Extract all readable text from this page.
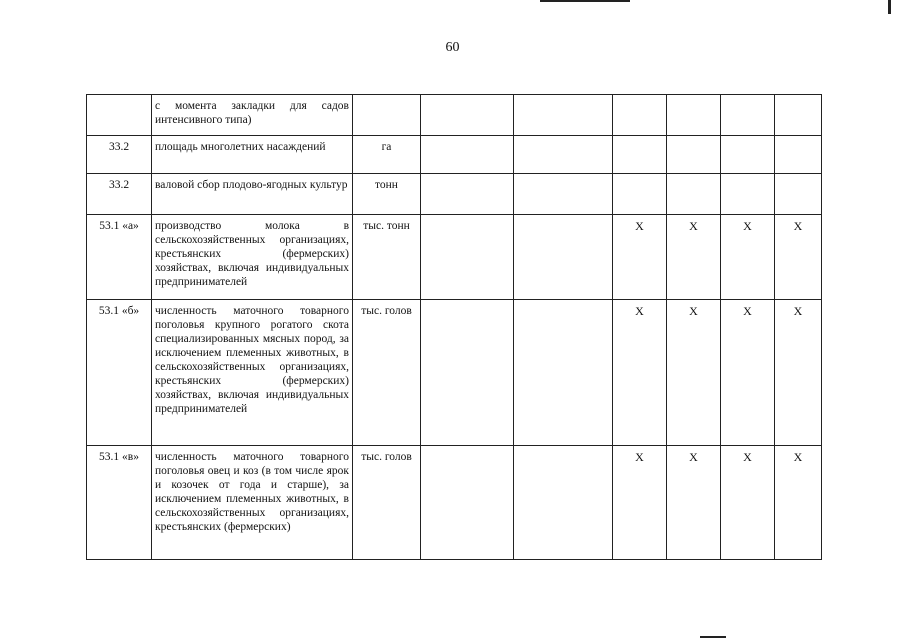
60
	с момента закладки для садов интенсивного типа)							
33.2	площадь многолетних насаждений	га						
33.2	валовой сбор плодово-ягодных культур	тонн						
53.1 «а»	производство молока в сельскохозяйственных организациях, крестьянских (фермерских) хозяйствах, включая индивидуальных предпринимателей	тыс. тонн			X	X	X	X
53.1 «б»	численность маточного товарного поголовья крупного рогатого скота специализированных мясных пород, за исключением племенных животных, в сельскохозяйственных организациях, крестьянских (фермерских) хозяйствах, включая индивидуальных предпринимателей	тыс. голов			X	X	X	X
53.1 «в»	численность маточного товарного поголовья овец и коз (в том числе ярок и козочек от года и старше), за исключением племенных животных, в сельскохозяйственных организациях, крестьянских (фермерских)	тыс. голов			X	X	X	X
